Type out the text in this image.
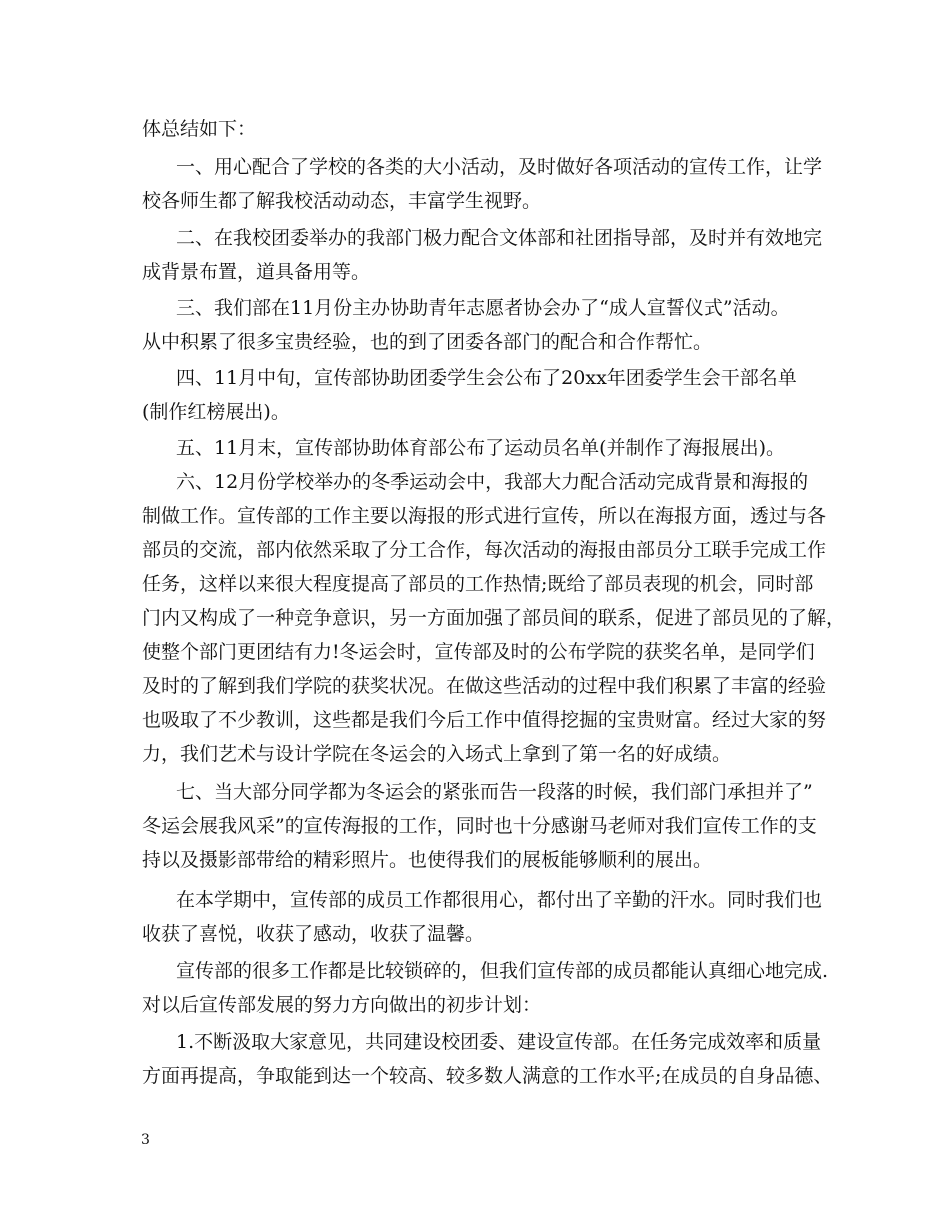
体总结如下：
一、用心配合了学校的各类的大小活动，及时做好各项活动的宣传工作，让学
校各师生都了解我校活动动态，丰富学生视野。
二、在我校团委举办的我部门极力配合文体部和社团指导部，及时并有效地完
成背景布置，道具备用等。
三、我们部在11月份主办协助青年志愿者协会办了“成人宣誓仪式”活动。
从中积累了很多宝贵经验，也的到了团委各部门的配合和合作帮忙。
四、11月中旬，宣传部协助团委学生会公布了20xx年团委学生会干部名单
(制作红榜展出)。
五、11月末，宣传部协助体育部公布了运动员名单(并制作了海报展出)。
六、12月份学校举办的冬季运动会中，我部大力配合活动完成背景和海报的
制做工作。宣传部的工作主要以海报的形式进行宣传，所以在海报方面，透过与各
部员的交流，部内依然采取了分工合作，每次活动的海报由部员分工联手完成工作
任务，这样以来很大程度提高了部员的工作热情;既给了部员表现的机会，同时部
门内又构成了一种竞争意识，另一方面加强了部员间的联系，促进了部员见的了解，
使整个部门更团结有力!冬运会时，宣传部及时的公布学院的获奖名单，是同学们
及时的了解到我们学院的获奖状况。在做这些活动的过程中我们积累了丰富的经验
也吸取了不少教训，这些都是我们今后工作中值得挖掘的宝贵财富。经过大家的努
力，我们艺术与设计学院在冬运会的入场式上拿到了第一名的好成绩。
七、当大部分同学都为冬运会的紧张而告一段落的时候，我们部门承担并了”
冬运会展我风采”的宣传海报的工作，同时也十分感谢马老师对我们宣传工作的支
持以及摄影部带给的精彩照片。也使得我们的展板能够顺利的展出。
在本学期中，宣传部的成员工作都很用心，都付出了辛勤的汗水。同时我们也
收获了喜悦，收获了感动，收获了温馨。
宣传部的很多工作都是比较锁碎的，但我们宣传部的成员都能认真细心地完成.
对以后宣传部发展的努力方向做出的初步计划：
1.不断汲取大家意见，共同建设校团委、建设宣传部。在任务完成效率和质量
方面再提高，争取能到达一个较高、较多数人满意的工作水平;在成员的自身品德、
3
